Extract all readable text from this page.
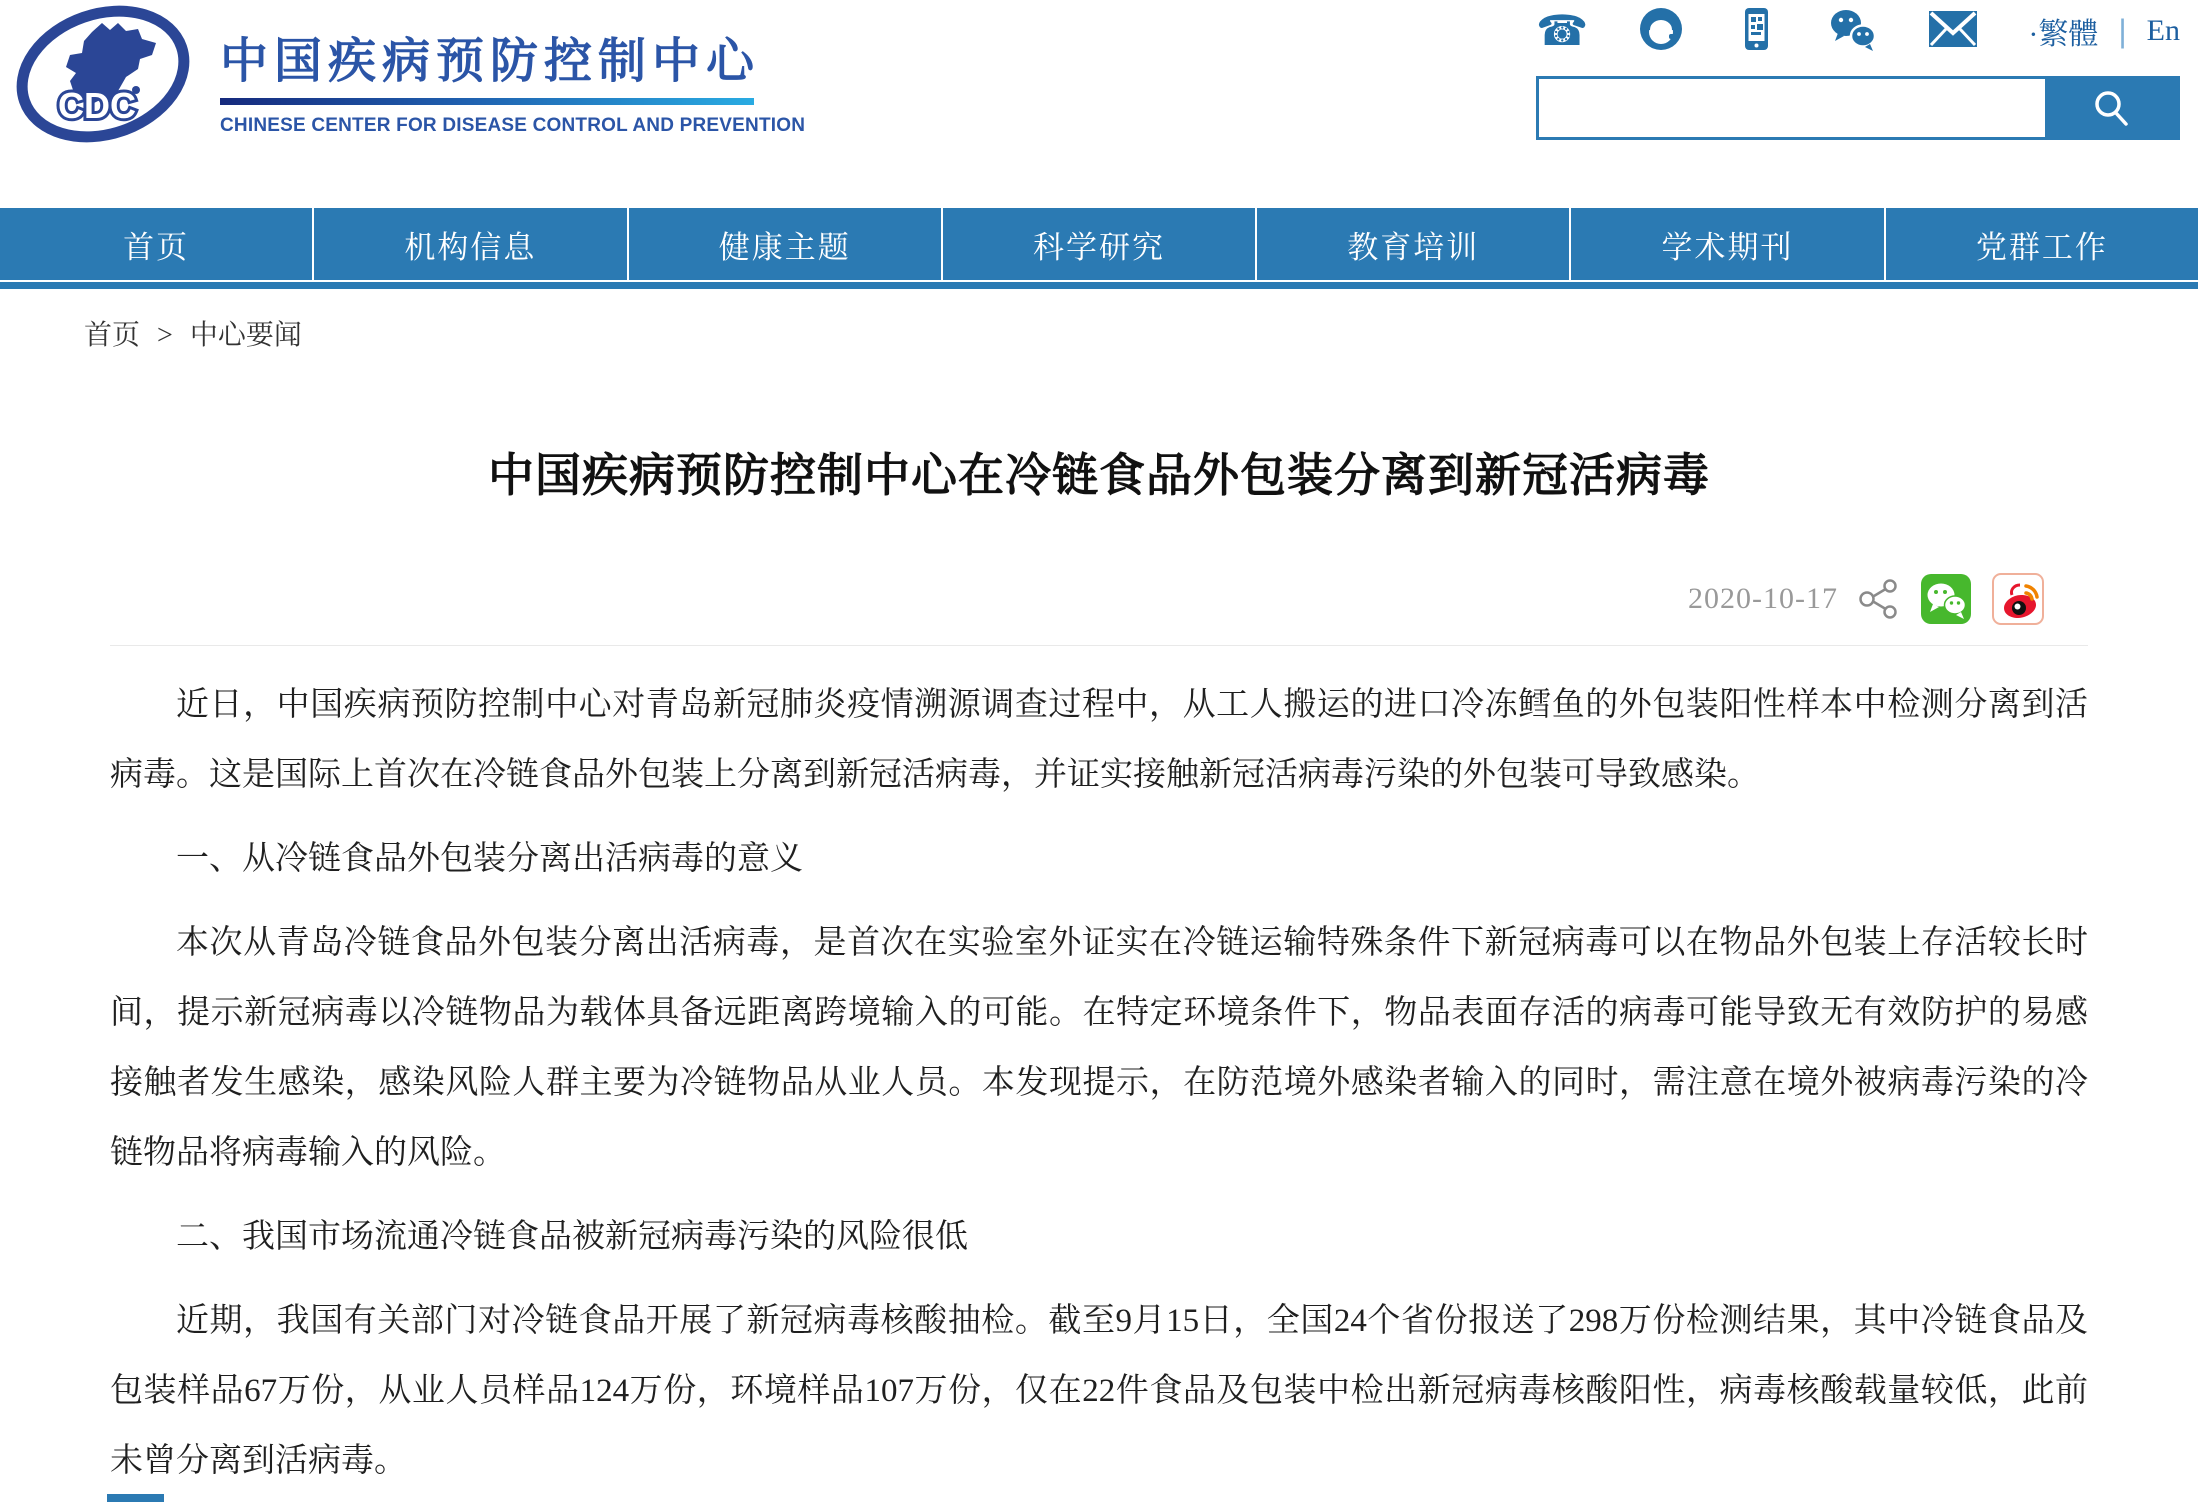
CDC
中国疾病预防控制中心
CHINESE CENTER FOR DISEASE CONTROL AND PREVENTION
☎	·繁體 | En
首页	机构信息	健康主题	科学研究	教育培训	学术期刊	党群工作
首页 > 中心要闻
中国疾病预防控制中心在冷链食品外包装分离到新冠活病毒
2020-10-17

近日，中国疾病预防控制中心对青岛新冠肺炎疫情溯源调查过程中，从工人搬运的进口冷冻鳕鱼的外包装阳性样本中检测分离到活病毒。这是国际上首次在冷链食品外包装上分离到新冠活病毒，并证实接触新冠活病毒污染的外包装可导致感染。

一、从冷链食品外包装分离出活病毒的意义

本次从青岛冷链食品外包装分离出活病毒，是首次在实验室外证实在冷链运输特殊条件下新冠病毒可以在物品外包装上存活较长时间，提示新冠病毒以冷链物品为载体具备远距离跨境输入的可能。在特定环境条件下，物品表面存活的病毒可能导致无有效防护的易感接触者发生感染，感染风险人群主要为冷链物品从业人员。本发现提示，在防范境外感染者输入的同时，需注意在境外被病毒污染的冷链物品将病毒输入的风险。

二、我国市场流通冷链食品被新冠病毒污染的风险很低

近期，我国有关部门对冷链食品开展了新冠病毒核酸抽检。截至9月15日，全国24个省份报送了298万份检测结果，其中冷链食品及包装样品67万份，从业人员样品124万份，环境样品107万份，仅在22件食品及包装中检出新冠病毒核酸阳性，病毒核酸载量较低，此前未曾分离到活病毒。
